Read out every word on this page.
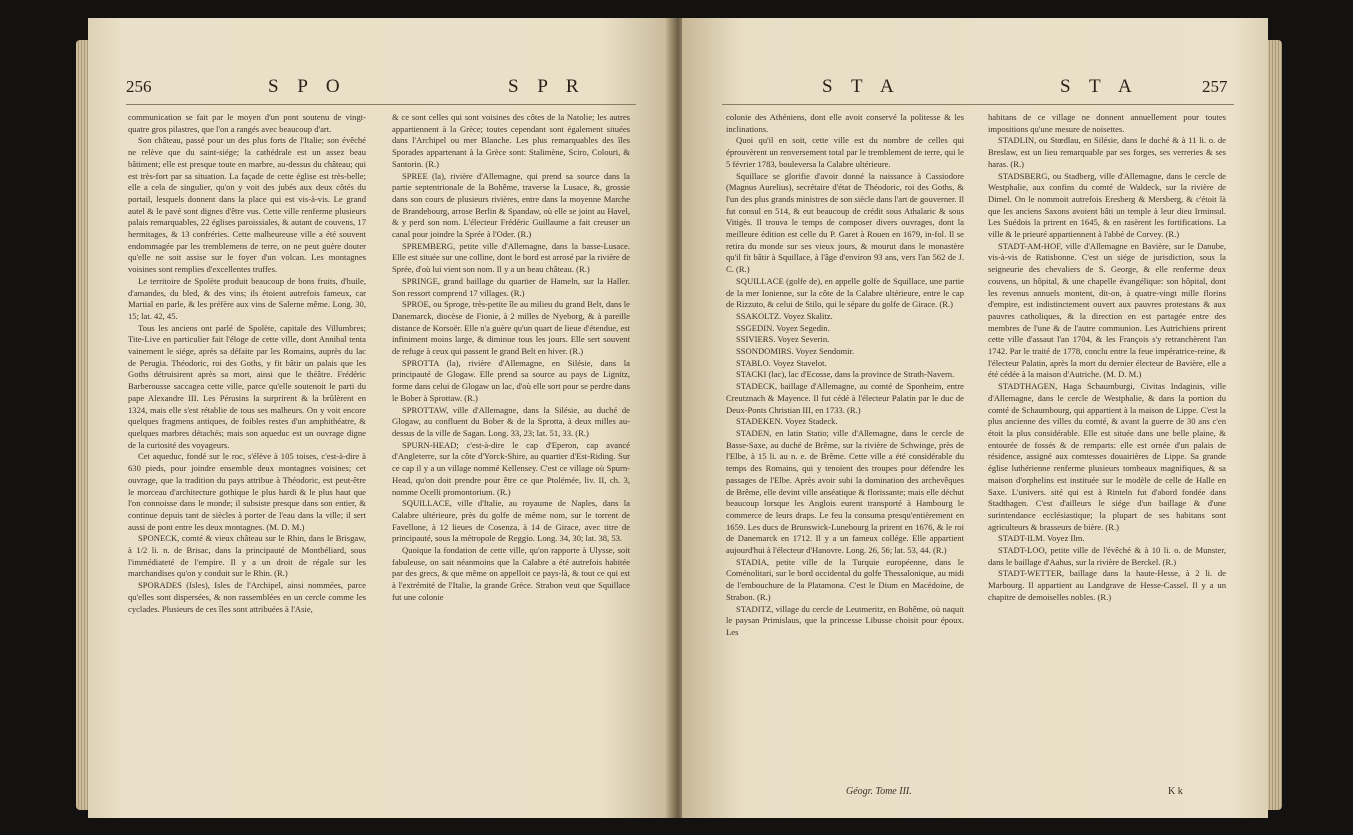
256	S P O	S P R

communication se fait par le moyen d'un pont soutenu de vingt-quatre gros pilastres, que l'on a rangés avec beaucoup d'art.

Son château, passé pour un des plus forts de l'Italie; son évêché ne relève que du saint-siége; la cathédrale est un assez beau bâtiment; elle est presque toute en marbre, au-dessus du château; qui est très-fort par sa situation. La façade de cette église est très-belle; elle a cela de singulier, qu'on y voit des jubés aux deux côtés du portail, lesquels donnent dans la place qui est vis-à-vis. Le grand autel & le pavé sont dignes d'être vus. Cette ville renferme plusieurs palais remarquables, 22 églises paroissiales, & autant de couvens, 17 hermitages, & 13 confréries. Cette malheureuse ville a été souvent endommagée par les tremblemens de terre, on ne peut guère douter qu'elle ne soit assise sur le foyer d'un volcan. Les montagnes voisines sont remplies d'excellentes truffes.

Le territoire de Spolète produit beaucoup de bons fruits, d'huile, d'amandes, du bled, & des vins; ils étoient autrefois fameux, car Martial en parle, & les préfère aux vins de Salerne même. Long. 30, 15; lat. 42, 45.

Tous les anciens ont parlé de Spolète, capitale des Villumbres; Tite-Live en particulier fait l'éloge de cette ville, dont Annibal tenta vainement le siége, après sa défaite par les Romains, auprès du lac de Perugia. Théodoric, roi des Goths, y fit bâtir un palais que les Goths détruisirent après sa mort, ainsi que le théâtre. Frédéric Barberousse saccagea cette ville, parce qu'elle soutenoit le parti du pape Alexandre III. Les Pérusins la surprirent & la brûlèrent en 1324, mais elle s'est rétablie de tous ses malheurs. On y voit encore quelques fragmens antiques, de foibles restes d'un amphithéatre, & quelques marbres détachés; mais son aqueduc est un ouvrage digne de la curiosité des voyageurs.

Cet aqueduc, fondé sur le roc, s'élève à 105 toises, c'est-à-dire à 630 pieds, pour joindre ensemble deux montagnes voisines; cet ouvrage, que la tradition du pays attribue à Théodoric, est peut-être le morceau d'architecture gothique le plus hardi & le plus haut que l'on connoisse dans le monde; il subsiste presque dans son entier, & continue depuis tant de siècles à porter de l'eau dans la ville; il sert aussi de pont entre les deux montagnes. (M. D. M.)

SPONECK, comté & vieux château sur le Rhin, dans le Brisgaw, à 1/2 li. n. de Brisac, dans la principauté de Montbéliard, sous l'immédiateté de l'empire. Il y a un droit de régale sur les marchandises qu'on y conduit sur le Rhin. (R.)

SPORADES (Isles), Isles de l'Archipel, ainsi nommées, parce qu'elles sont dispersées, & non rassemblées en un cercle comme les cyclades. Plusieurs de ces îles sont attribuées à l'Asie,

& ce sont celles qui sont voisines des côtes de la Natolie; les autres appartiennent à la Grèce; toutes cependant sont également situées dans l'Archipel ou mer Blanche. Les plus remarquables des îles Sporades appartenant à la Grèce sont: Stalimène, Sciro, Colouri, & Santorin. (R.)

SPREE (la), rivière d'Allemagne, qui prend sa source dans la partie septentrionale de la Bohême, traverse la Lusace, &, grossie dans son cours de plusieurs rivières, entre dans la moyenne Marche de Brandebourg, arrose Berlin & Spandaw, où elle se joint au Havel, & y perd son nom. L'électeur Frédéric Guillaume a fait creuser un canal pour joindre la Sprée à l'Oder. (R.)

SPREMBERG, petite ville d'Allemagne, dans la basse-Lusace. Elle est située sur une colline, dont le bord est arrosé par la rivière de Sprée, d'où lui vient son nom. Il y a un beau château. (R.)

SPRINGE, grand baillage du quartier de Hameln, sur la Haller. Son ressort comprend 17 villages. (R.)

SPROE, ou Sproge, très-petite île au milieu du grand Belt, dans le Danemarck, diocèse de Fionie, à 2 milles de Nyeborg, & à pareille distance de Korsoër. Elle n'a guère qu'un quart de lieue d'étendue, est infiniment moins large, & diminue tous les jours. Elle sert souvent de refuge à ceux qui passent le grand Belt en hiver. (R.)

SPROTTA (la), rivière d'Allemagne, en Silésie, dans la principauté de Glogaw. Elle prend sa source au pays de Lignitz, forme dans celui de Glogaw un lac, d'où elle sort pour se perdre dans le Bober à Sprottaw. (R.)

SPROTTAW, ville d'Allemagne, dans la Silésie, au duché de Glogaw, au confluent du Bober & de la Sprotta, à deux milles au-dessus de la ville de Sagan. Long. 33, 23; lat. 51, 33. (R.)

SPURN-HEAD; c'est-à-dire le cap d'Eperon, cap avancé d'Angleterre, sur la côte d'Yorck-Shire, au quartier d'Est-Riding. Sur ce cap il y a un village nommé Kellensey. C'est ce village où Spurn-Head, qu'on doit prendre pour être ce que Ptolémée, liv. II, ch. 3, nomme Ocelli promontorium. (R.)

SQUILLACE, ville d'Italie, au royaume de Naples, dans la Calabre ultérieure, près du golfe de même nom, sur le torrent de Favellone, à 12 lieues de Cosenza, à 14 de Girace, avec titre de principauté, sous la métropole de Reggio. Long. 34, 30; lat. 38, 53.

Quoique la fondation de cette ville, qu'on rapporte à Ulysse, soit fabuleuse, on sait néanmoins que la Calabre a été autrefois habitée par des grecs, & que même on appelloit ce pays-là, & tout ce qui est à l'extrémité de l'Italie, la grande Grèce. Strabon veut que Squillace fut une colonie

S T A	S T A	257

colonie des Athéniens, dont elle avoit conservé la politesse & les inclinations.

Quoi qu'il en soit, cette ville est du nombre de celles qui éprouvèrent un renversement total par le tremblement de terre, qui le 5 février 1783, bouleversa la Calabre ultérieure.

Squillace se glorifie d'avoir donné la naissance à Cassiodore (Magnus Aurelius), secrétaire d'état de Théodoric, roi des Goths, & l'un des plus grands ministres de son siècle dans l'art de gouverner. Il fut consul en 514, & eut beaucoup de crédit sous Athalaric & sous Vitigès. Il trouva le temps de composer divers ouvrages, dont la meilleure édition est celle du P. Garet à Rouen en 1679, in-fol. Il se retira du monde sur ses vieux jours, & mourut dans le monastère qu'il fit bâtir à Squillace, à l'âge d'environ 93 ans, vers l'an 562 de J. C. (R.)

SQUILLACE (golfe de), en appelle golfe de Squillace, une partie de la mer Ionienne, sur la côte de la Calabre ultérieure, entre le cap de Rizzuto, & celui de Stilo, qui le sépare du golfe de Girace. (R.)

SSAKOLTZ. Voyez Skalitz.

SSGEDIN. Voyez Segedin.

SSIVIERS. Voyez Severin.

SSONDOMIRS. Voyez Sendomir.

STABLO. Voyez Stavelot.

STACKI (lac), lac d'Ecosse, dans la province de Strath-Navern.

STADECK, baillage d'Allemagne, au comté de Sponheim, entre Creutznach & Mayence. Il fut cédé à l'électeur Palatin par le duc de Deux-Ponts Christian III, en 1733. (R.)

STADEKEN. Voyez Stadeck.

STADEN, en latin Statio; ville d'Allemagne, dans le cercle de Basse-Saxe, au duché de Brême, sur la rivière de Schwinge, près de l'Elbe, à 15 li. au n. e. de Brême. Cette ville a été considérable du temps des Romains, qui y tenoient des troupes pour défendre les passages de l'Elbe. Après avoir subi la domination des archevêques de Brême, elle devint ville anséatique & florissante; mais elle déchut beaucoup lorsque les Anglois eurent transporté à Hambourg le commerce de leurs draps. Le feu la consuma presqu'entièrement en 1659. Les ducs de Brunswick-Lunebourg la prirent en 1676, & le roi de Danemarck en 1712. Il y a un fameux collége. Elle appartient aujourd'hui à l'électeur d'Hanovre. Long. 26, 56; lat. 53, 44. (R.)

STADIA, petite ville de la Turquie européenne, dans le Coménolitari, sur le bord occidental du golfe Thessalonique, au midi de l'embouchure de la Platamona. C'est le Dium en Macédoine, de Strabon. (R.)

STADITZ, village du cercle de Leutmeritz, en Bohême, où naquit le paysan Primislaus, que la princesse Libusse choisit pour époux. Les

habitans de ce village ne donnent annuellement pour toutes impositions qu'une mesure de noisettes.

STADLIN, ou Stœdlau, en Silésie, dans le duché & à 11 li. o. de Breslaw, est un lieu remarquable par ses forges, ses verreries & ses haras. (R.)

STADSBERG, ou Stadberg, ville d'Allemagne, dans le cercle de Westphalie, aux confins du comté de Waldeck, sur la rivière de Dimel. On le nommoit autrefois Eresberg & Mersberg, & c'étoit là que les anciens Saxons avoient bâti un temple à leur dieu Irminsul. Les Suédois la prirent en 1645, & en rasèrent les fortifications. La ville & le prieuré appartiennent à l'abbé de Corvey. (R.)

STADT-AM-HOF, ville d'Allemagne en Bavière, sur le Danube, vis-à-vis de Ratisbonne. C'est un siége de jurisdiction, sous la seigneurie des chevaliers de S. George, & elle renferme deux couvens, un hôpital, & une chapelle évangélique: son hôpital, dont les revenus annuels montent, dit-on, à quatre-vingt mille florins d'empire, est indistinctement ouvert aux pauvres protestans & aux pauvres catholiques, & la direction en est partagée entre des membres de l'une & de l'autre communion. Les Autrichiens prirent cette ville d'assaut l'an 1704, & les François s'y retranchèrent l'an 1742. Par le traité de 1778, conclu entre la feue impératrice-reine, & l'électeur Palatin, après la mort du dernier électeur de Bavière, elle a été cédée à la maison d'Autriche. (M. D. M.)

STADTHAGEN, Haga Schaumburgi, Civitas Indaginis, ville d'Allemagne, dans le cercle de Westphalie, & dans la portion du comté de Schaumbourg, qui appartient à la maison de Lippe. C'est la plus ancienne des villes du comté, & avant la guerre de 30 ans c'en étoit la plus considérable. Elle est située dans une belle plaine, & entourée de fossés & de remparts: elle est ornée d'un palais de résidence, assigné aux comtesses douairières de Lippe. Sa grande église luthérienne renferme plusieurs tombeaux magnifiques, & sa maison d'orphelins est instituée sur le modèle de celle de Halle en Saxe. L'univers. sité qui est à Rinteln fut d'abord fondée dans Stadthagen. C'est d'ailleurs le siége d'un baillage & d'une surintendance ecclésiastique; la plupart de ses habitans sont agriculteurs & brasseurs de bière. (R.)

STADT-ILM. Voyez Ilm.

STADT-LOO, petite ville de l'évêché & à 10 li. o. de Munster, dans le baillage d'Aahus, sur la rivière de Berckel. (R.)

STADT-WETTER, baillage dans la haute-Hesse, à 2 li. de Marbourg. Il appartient au Landgrave de Hesse-Cassel. Il y a un chapitre de demoiselles nobles. (R.)

Géogr. Tome III.	K k
